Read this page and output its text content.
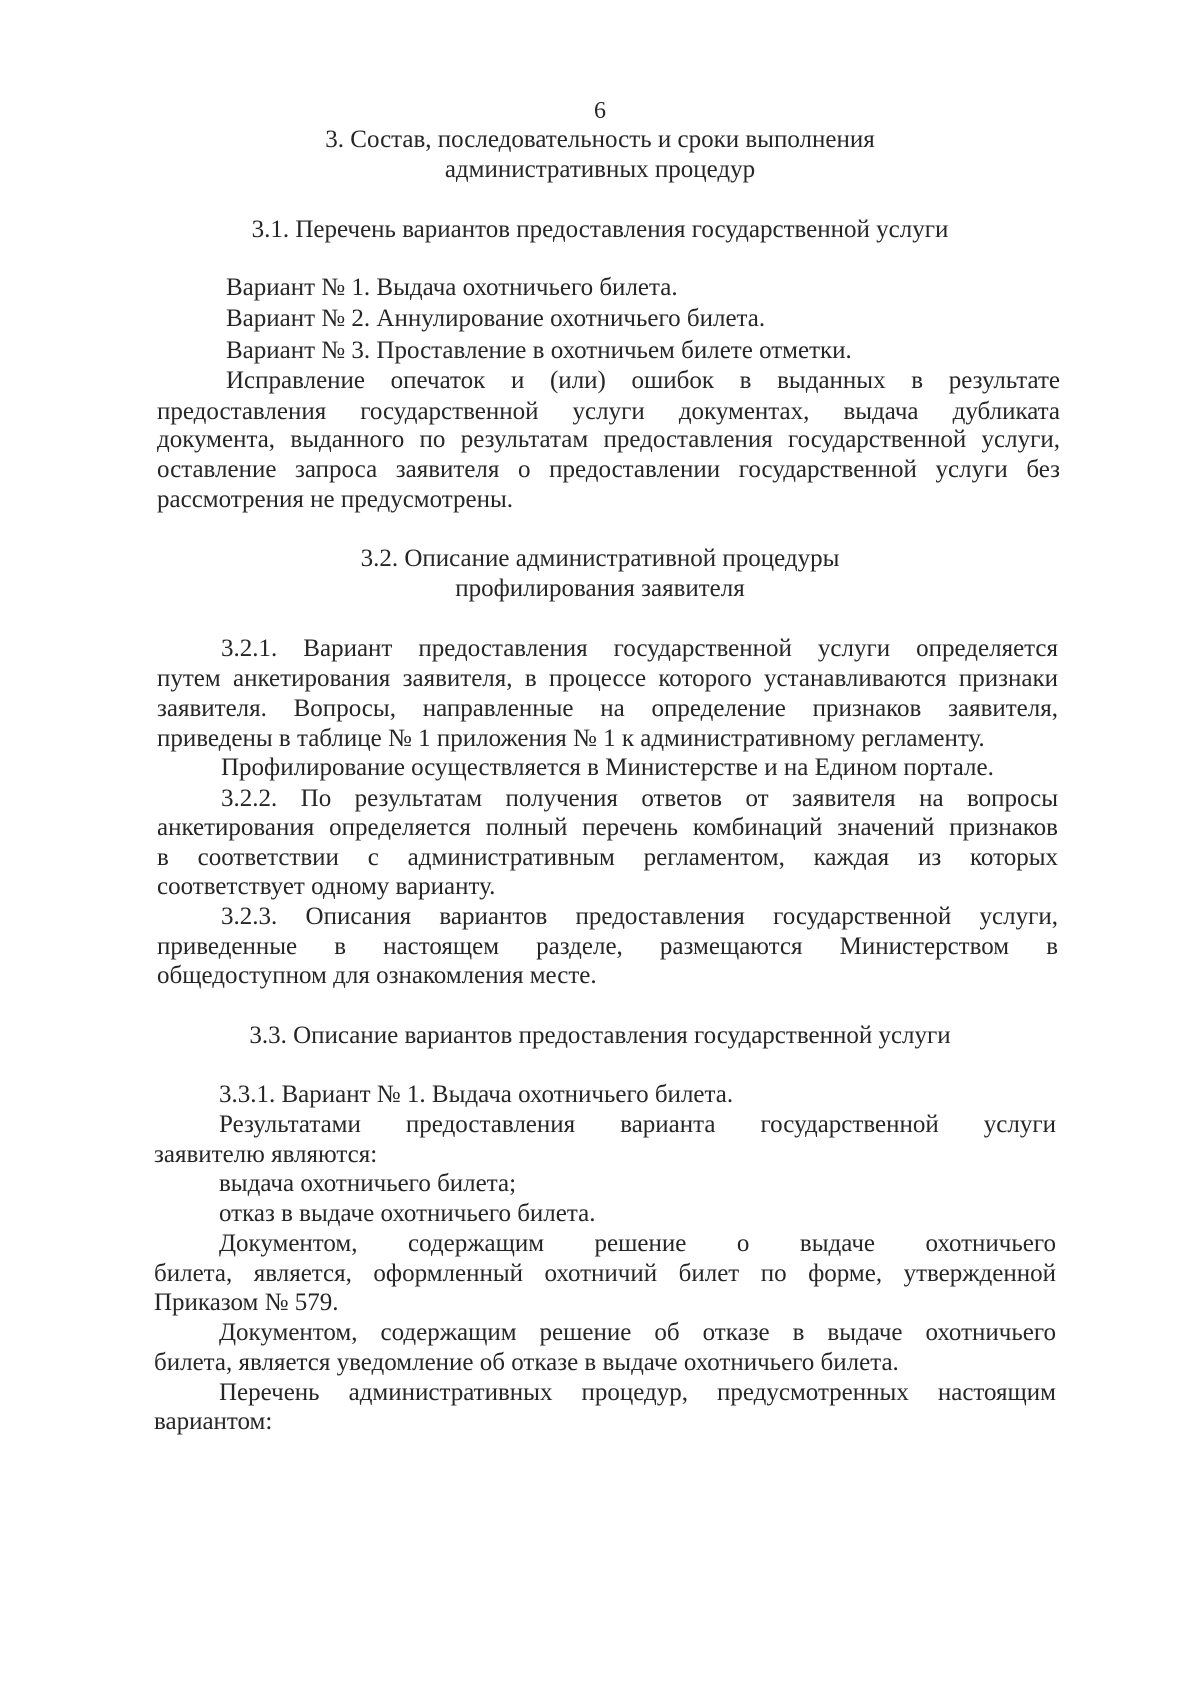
6
3. Состав, последовательность и сроки выполнения
административных процедур
3.1. Перечень вариантов предоставления государственной услуги
Вариант № 1. Выдача охотничьего билета.
Вариант № 2. Аннулирование охотничьего билета.
Вариант № 3. Проставление в охотничьем билете отметки.
Исправление опечаток и (или) ошибок в выданных в результате
предоставления государственной услуги документах, выдача дубликата
документа, выданного по результатам предоставления государственной услуги,
оставление запроса заявителя о предоставлении государственной услуги без
рассмотрения не предусмотрены.
3.2. Описание административной процедуры
профилирования заявителя
3.2.1. Вариант предоставления государственной услуги определяется
путем анкетирования заявителя, в процессе которого устанавливаются признаки
заявителя. Вопросы, направленные на определение признаков заявителя,
приведены в таблице № 1 приложения № 1 к административному регламенту.
Профилирование осуществляется в Министерстве и на Едином портале.
3.2.2. По результатам получения ответов от заявителя на вопросы
анкетирования определяется полный перечень комбинаций значений признаков
в соответствии с административным регламентом, каждая из которых
соответствует одному варианту.
3.2.3. Описания вариантов предоставления государственной услуги,
приведенные в настоящем разделе, размещаются Министерством в
общедоступном для ознакомления месте.
3.3. Описание вариантов предоставления государственной услуги
3.3.1. Вариант № 1. Выдача охотничьего билета.
Результатами предоставления варианта государственной услуги
заявителю являются:
выдача охотничьего билета;
отказ в выдаче охотничьего билета.
Документом, содержащим решение о выдаче охотничьего
билета, является, оформленный охотничий билет по форме, утвержденной
Приказом № 579.
Документом, содержащим решение об отказе в выдаче охотничьего
билета, является уведомление об отказе в выдаче охотничьего билета.
Перечень административных процедур, предусмотренных настоящим
вариантом:
